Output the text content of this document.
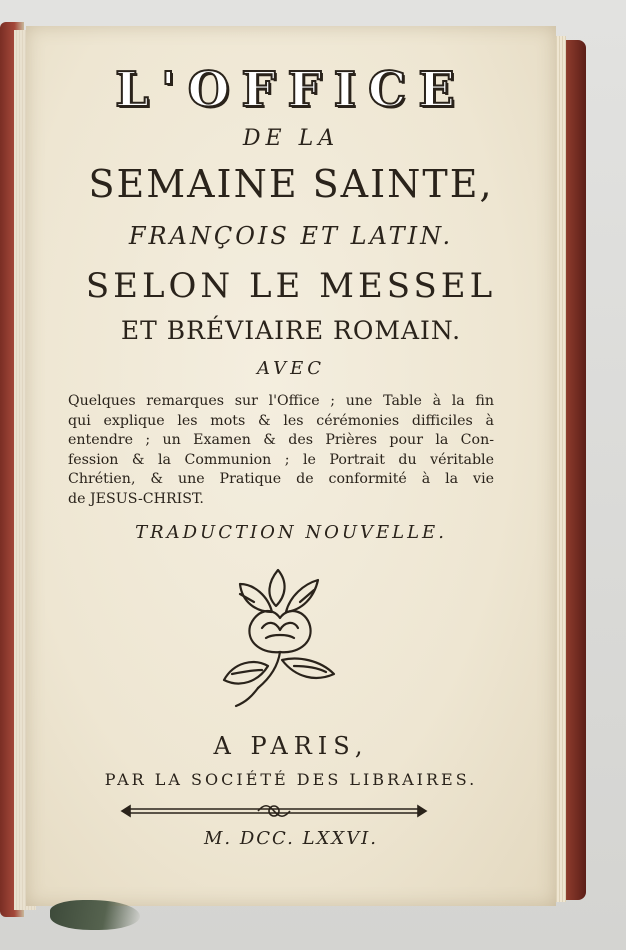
L'OFFICE
DE LA
SEMAINE SAINTE,
FRANÇOIS ET LATIN.
SELON LE MESSEL
ET BRÉVIAIRE ROMAIN.
AVEC
Quelques remarques sur l'Office ; une Table à la fin
qui explique les mots & les cérémonies difficiles à
entendre ; un Examen & des Prières pour la Con-
fession & la Communion ; le Portrait du véritable
Chrétien, & une Pratique de conformité à la vie
de JESUS-CHRIST.
TRADUCTION NOUVELLE.
A PARIS,
PAR LA SOCIÉTÉ DES LIBRAIRES.
M. DCC. LXXVI.
